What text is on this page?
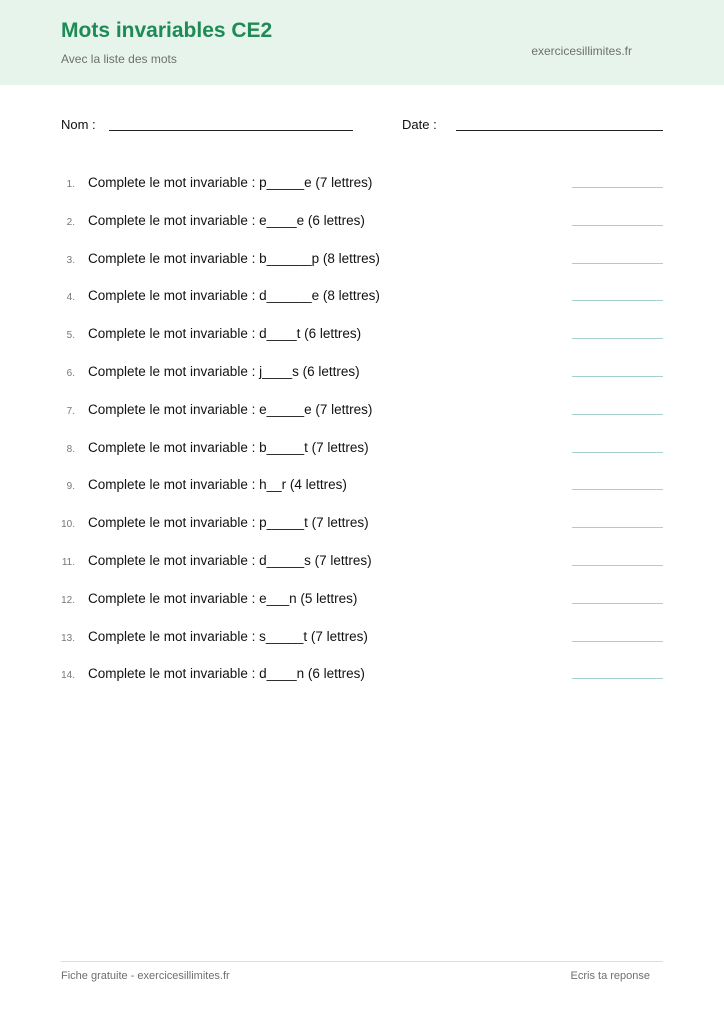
Mots invariables CE2
Avec la liste des mots
exercicesillimites.fr
Nom :	Date :
1. Complete le mot invariable : p_____e (7 lettres)
2. Complete le mot invariable : e____e (6 lettres)
3. Complete le mot invariable : b______p (8 lettres)
4. Complete le mot invariable : d______e (8 lettres)
5. Complete le mot invariable : d____t (6 lettres)
6. Complete le mot invariable : j____s (6 lettres)
7. Complete le mot invariable : e_____e (7 lettres)
8. Complete le mot invariable : b_____t (7 lettres)
9. Complete le mot invariable : h__r (4 lettres)
10. Complete le mot invariable : p_____t (7 lettres)
11. Complete le mot invariable : d_____s (7 lettres)
12. Complete le mot invariable : e___n (5 lettres)
13. Complete le mot invariable : s_____t (7 lettres)
14. Complete le mot invariable : d____n (6 lettres)
Fiche gratuite - exercicesillimites.fr	Ecris ta reponse
